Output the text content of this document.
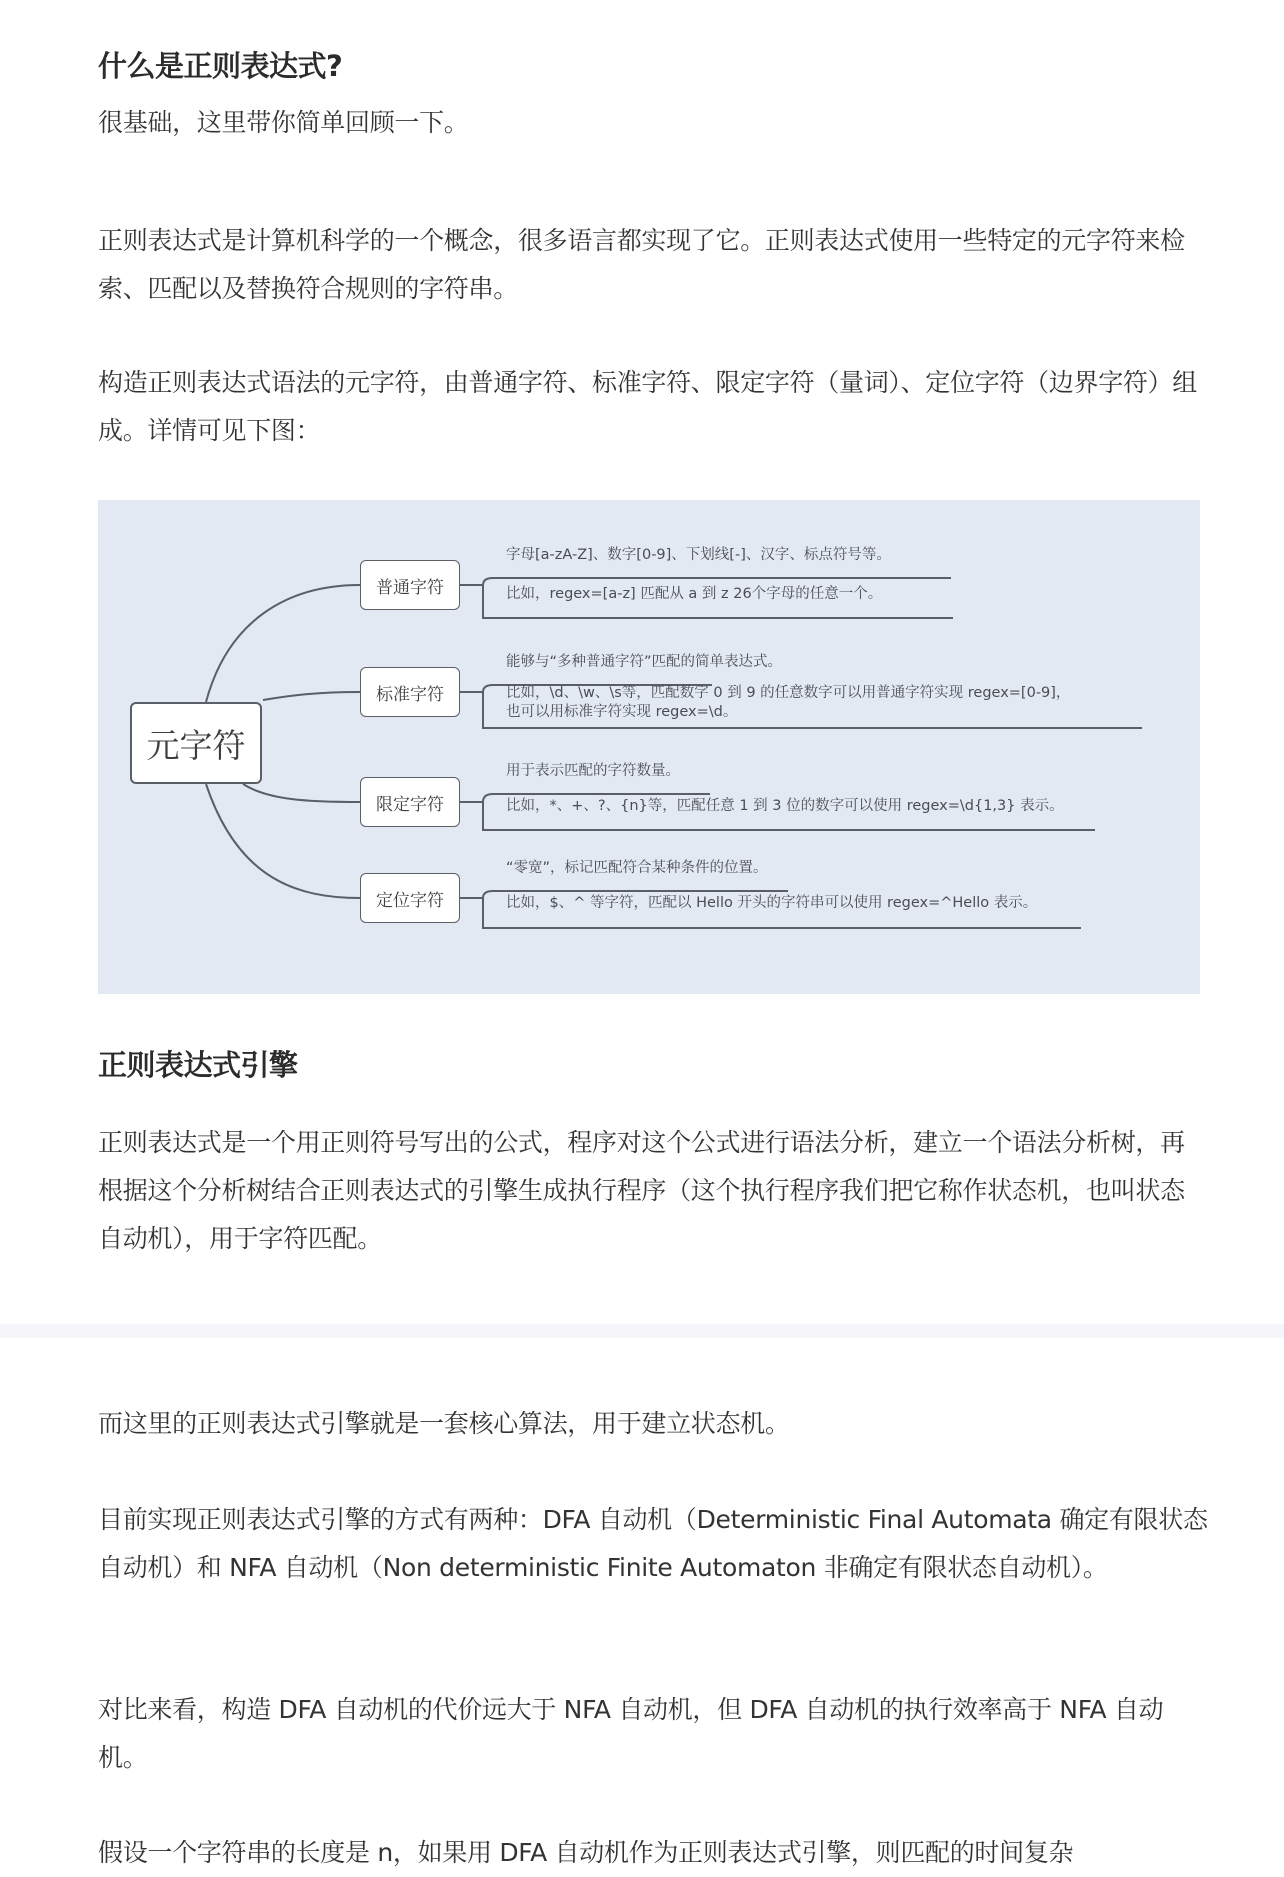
什么是正则表达式?
很基础，这里带你简单回顾一下。
正则表达式是计算机科学的一个概念，很多语言都实现了它。正则表达式使用一些特定的元字符来检索、匹配以及替换符合规则的字符串。
构造正则表达式语法的元字符，由普通字符、标准字符、限定字符（量词）、定位字符（边界字符）组成。详情可见下图：
元字符
普通字符
字母[a-zA-Z]、数字[0-9]、下划线[-]、汉字、标点符号等。
比如，regex=[a-z] 匹配从 a 到 z 26个字母的任意一个。
标准字符
能够与“多种普通字符”匹配的简单表达式。
比如，\d、\w、\s等，匹配数字 0 到 9 的任意数字可以用普通字符实现 regex=[0-9]，
也可以用标准字符实现 regex=\d。
限定字符
用于表示匹配的字符数量。
比如，*、+、?、{n}等，匹配任意 1 到 3 位的数字可以使用 regex=\d{1,3} 表示。
定位字符
“零宽”，标记匹配符合某种条件的位置。
比如，$、^ 等字符，匹配以 Hello 开头的字符串可以使用 regex=^Hello 表示。
正则表达式引擎
正则表达式是一个用正则符号写出的公式，程序对这个公式进行语法分析，建立一个语法分析树，再根据这个分析树结合正则表达式的引擎生成执行程序（这个执行程序我们把它称作状态机，也叫状态自动机），用于字符匹配。
而这里的正则表达式引擎就是一套核心算法，用于建立状态机。
目前实现正则表达式引擎的方式有两种：DFA 自动机（Deterministic Final Automata 确定有限状态自动机）和 NFA 自动机（Non deterministic Finite Automaton 非确定有限状态自动机）。
对比来看，构造 DFA 自动机的代价远大于 NFA 自动机，但 DFA 自动机的执行效率高于 NFA 自动机。
假设一个字符串的长度是 n，如果用 DFA 自动机作为正则表达式引擎，则匹配的时间复杂
